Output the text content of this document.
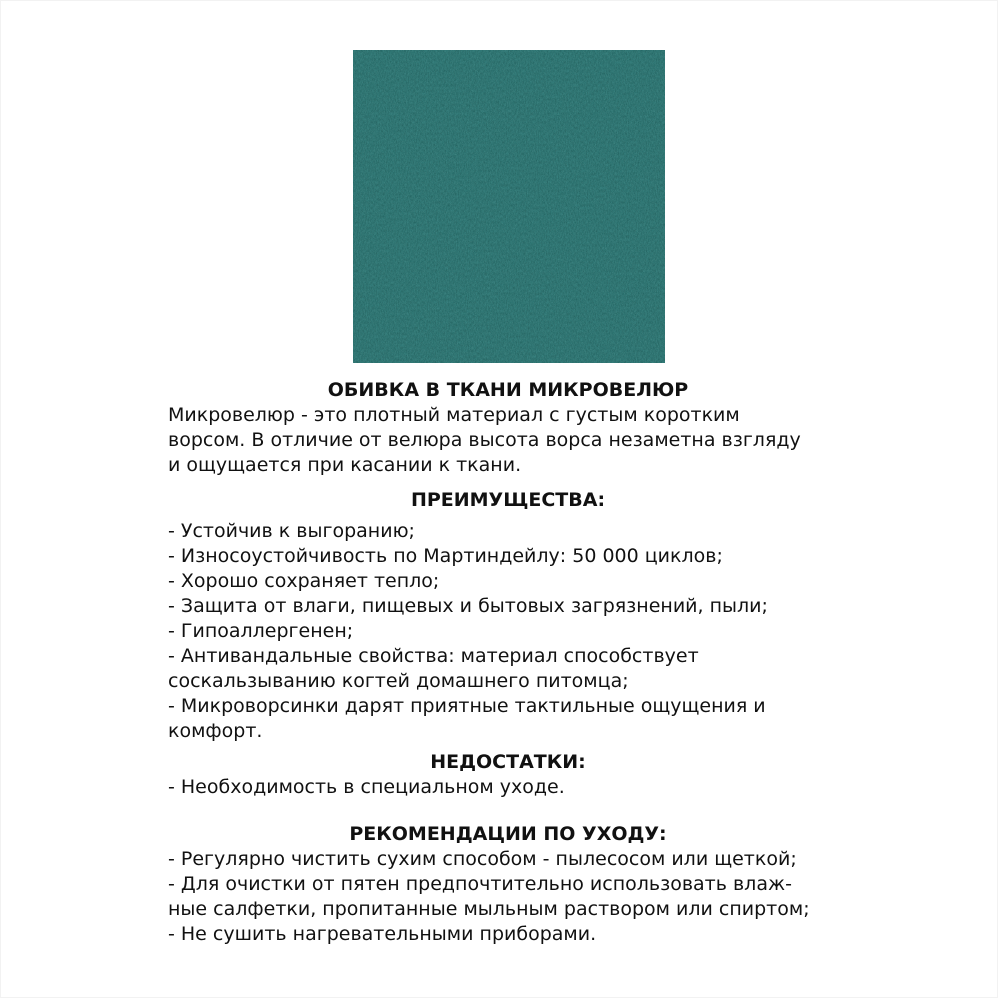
ОБИВКА В ТКАНИ МИКРОВЕЛЮР

Микровелюр - это плотный материал с густым коротким
ворсом. В отличие от велюра высота ворса незаметна взгляду
и ощущается при касании к ткани.

ПРЕИМУЩЕСТВА:

- Устойчив к выгоранию;
- Износоустойчивость по Мартиндейлу: 50 000 циклов;
- Хорошо сохраняет тепло;
- Защита от влаги, пищевых и бытовых загрязнений, пыли;
- Гипоаллергенен;
- Антивандальные свойства: материал способствует
соскальзыванию когтей домашнего питомца;
- Микроворсинки дарят приятные тактильные ощущения и
комфорт.

НЕДОСТАТКИ:

- Необходимость в специальном уходе.

РЕКОМЕНДАЦИИ ПО УХОДУ:

- Регулярно чистить сухим способом - пылесосом или щеткой;
- Для очистки от пятен предпочтительно использовать влаж-
ные салфетки, пропитанные мыльным раствором или спиртом;
- Не сушить нагревательными приборами.
